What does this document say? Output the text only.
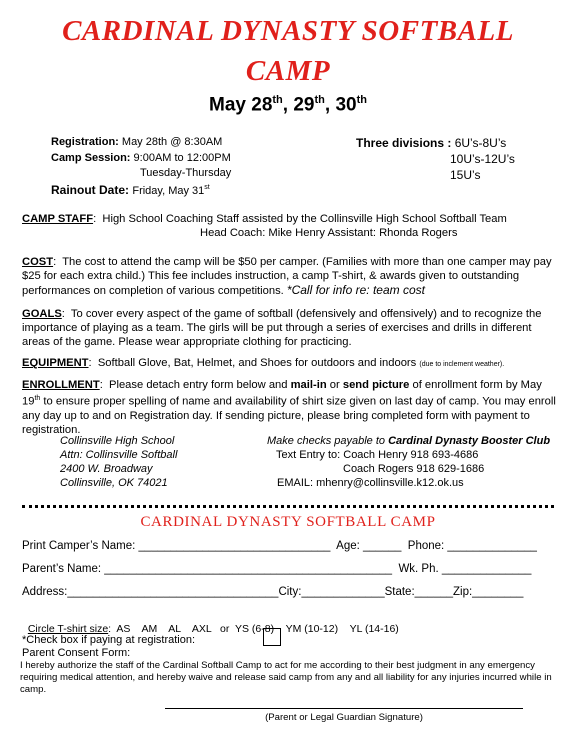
CARDINAL DYNASTY SOFTBALL
CAMP
May 28th, 29th, 30th
Registration: May 28th @ 8:30AM
Camp Session: 9:00AM to 12:00PM
Tuesday-Thursday
Rainout Date: Friday, May 31st
Three divisions : 6U’s-8U’s
10U’s-12U’s
15U’s
CAMP STAFF:  High School Coaching Staff assisted by the Collinsville High School Softball Team
Head Coach: Mike Henry Assistant: Rhonda Rogers
COST:  The cost to attend the camp will be $50 per camper. (Families with more than one camper may pay $25 for each extra child.) This fee includes instruction, a camp T-shirt, & awards given to outstanding performances on completion of various competitions. *Call for info re: team cost
GOALS:  To cover every aspect of the game of softball (defensively and offensively) and to recognize the importance of playing as a team. The girls will be put through a series of exercises and drills in different areas of the game. Please wear appropriate clothing for practicing.
EQUIPMENT:  Softball Glove, Bat, Helmet, and Shoes for outdoors and indoors (due to inclement weather).
ENROLLMENT:  Please detach entry form below and mail-in or send picture of enrollment form by May 19th to ensure proper spelling of name and availability of shirt size given on last day of camp. You may enroll any day up to and on Registration day. If sending picture, please bring completed form with payment to registration.
Collinsville High School
Attn: Collinsville Softball
2400 W. Broadway
Collinsville, OK 74021
Make checks payable to Cardinal Dynasty Booster Club
Text Entry to: Coach Henry 918 693-4686
Coach Rogers 918 629-1686
EMAIL: mhenry@collinsville.k12.ok.us
CARDINAL DYNASTY SOFTBALL CAMP
Print Camper’s Name: ______________________________  Age: ______  Phone: ______________
Parent’s Name: _____________________________________________  Wk. Ph. ______________
Address:_________________________________City:_____________State:______Zip:________

Circle T-shirt size:  AS    AM    AL    AXL   or  YS (6-8)    YM (10-12)    YL (14-16)

*Check box if paying at registration:
Parent Consent Form:
I hereby authorize the staff of the Cardinal Softball Camp to act for me according to their best judgment in any emergency requiring medical attention, and hereby waive and release said camp from any and all liability for any injuries incurred while in camp.
(Parent or Legal Guardian Signature)
